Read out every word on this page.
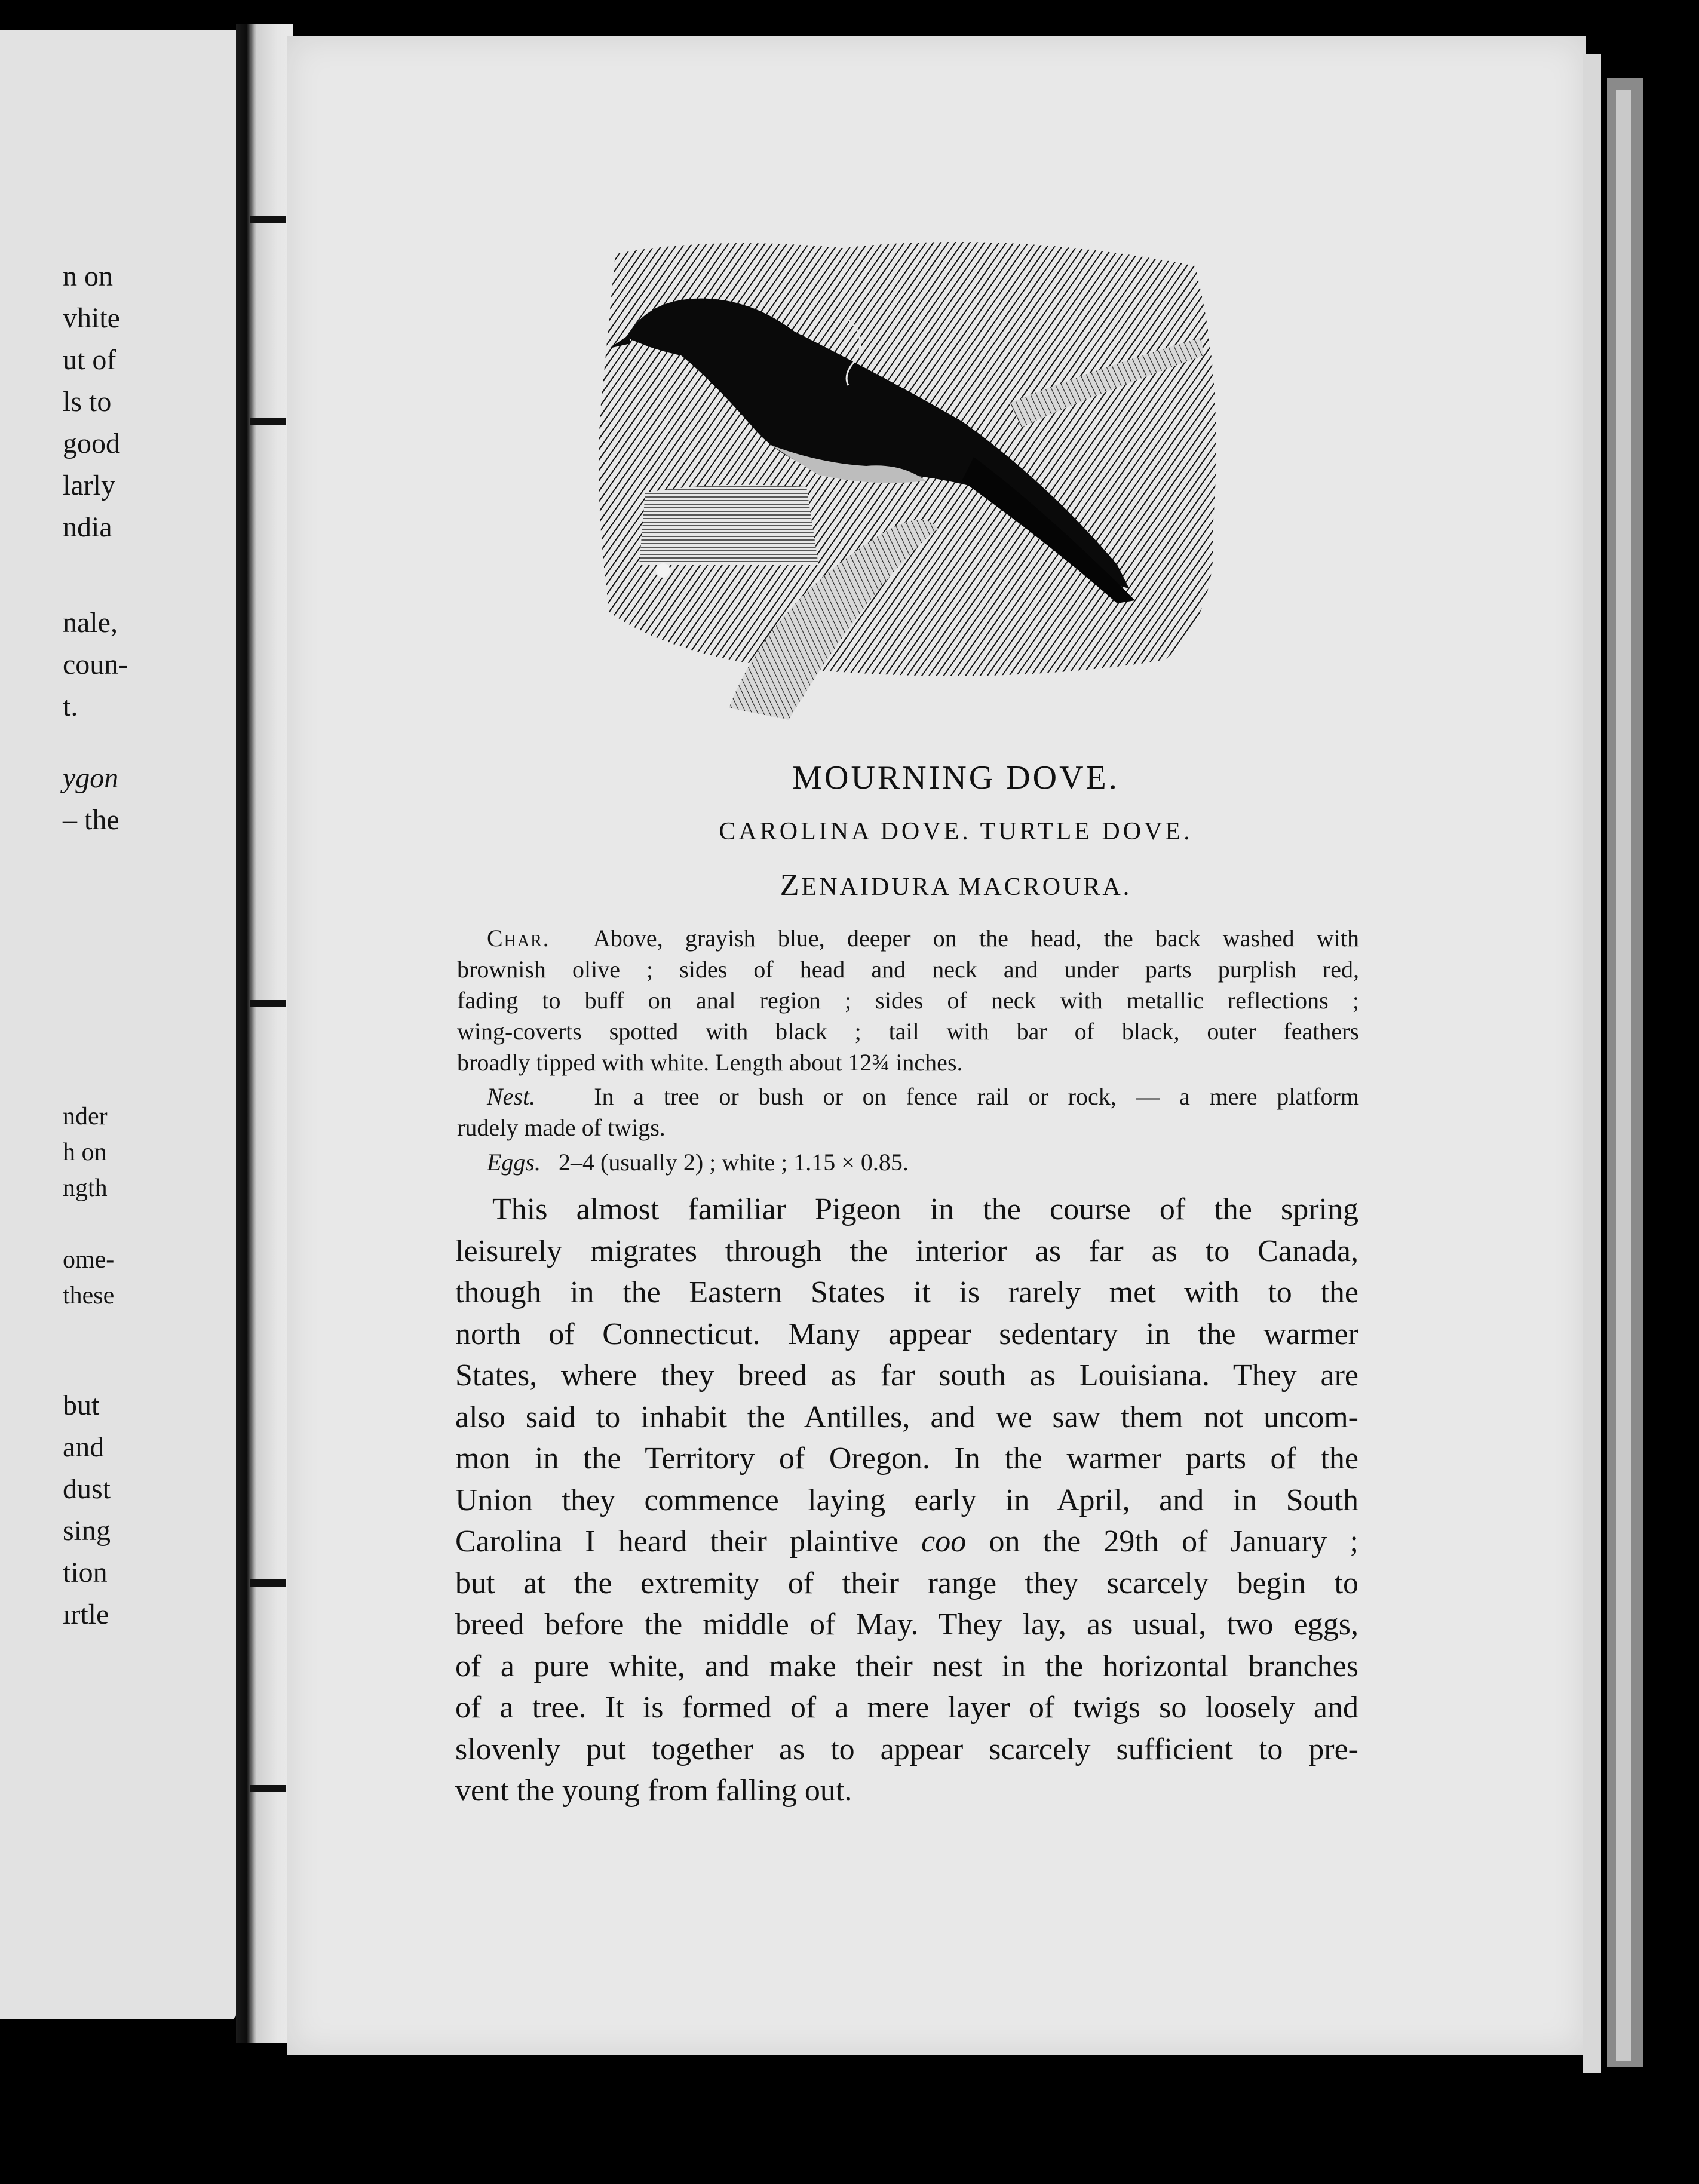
n on
vhite
ut of
ls to
good
larly
ndia
nale,
coun-
t.
ygon
– the
nder
h on
ngth
ome-
these
but
and
dust
sing
tion
ırtle
MOURNING DOVE.
CAROLINA DOVE. TURTLE DOVE.
ZENAIDURA MACROURA.
Char. Above, grayish blue, deeper on the head, the back washed with
brownish olive ; sides of head and neck and under parts purplish red,
fading to buff on anal region ; sides of neck with metallic reflections ;
wing-coverts spotted with black ; tail with bar of black, outer feathers
broadly tipped with white. Length about 12¾ inches.
Nest. In a tree or bush or on fence rail or rock, — a mere platform
rudely made of twigs.
Eggs. 2–4 (usually 2) ; white ; 1.15 × 0.85.
This almost familiar Pigeon in the course of the spring
leisurely migrates through the interior as far as to Canada,
though in the Eastern States it is rarely met with to the
north of Connecticut. Many appear sedentary in the warmer
States, where they breed as far south as Louisiana. They are
also said to inhabit the Antilles, and we saw them not uncom-
mon in the Territory of Oregon. In the warmer parts of the
Union they commence laying early in April, and in South
Carolina I heard their plaintive coo on the 29th of January ;
but at the extremity of their range they scarcely begin to
breed before the middle of May. They lay, as usual, two eggs,
of a pure white, and make their nest in the horizontal branches
of a tree. It is formed of a mere layer of twigs so loosely and
slovenly put together as to appear scarcely sufficient to pre-
vent the young from falling out.
